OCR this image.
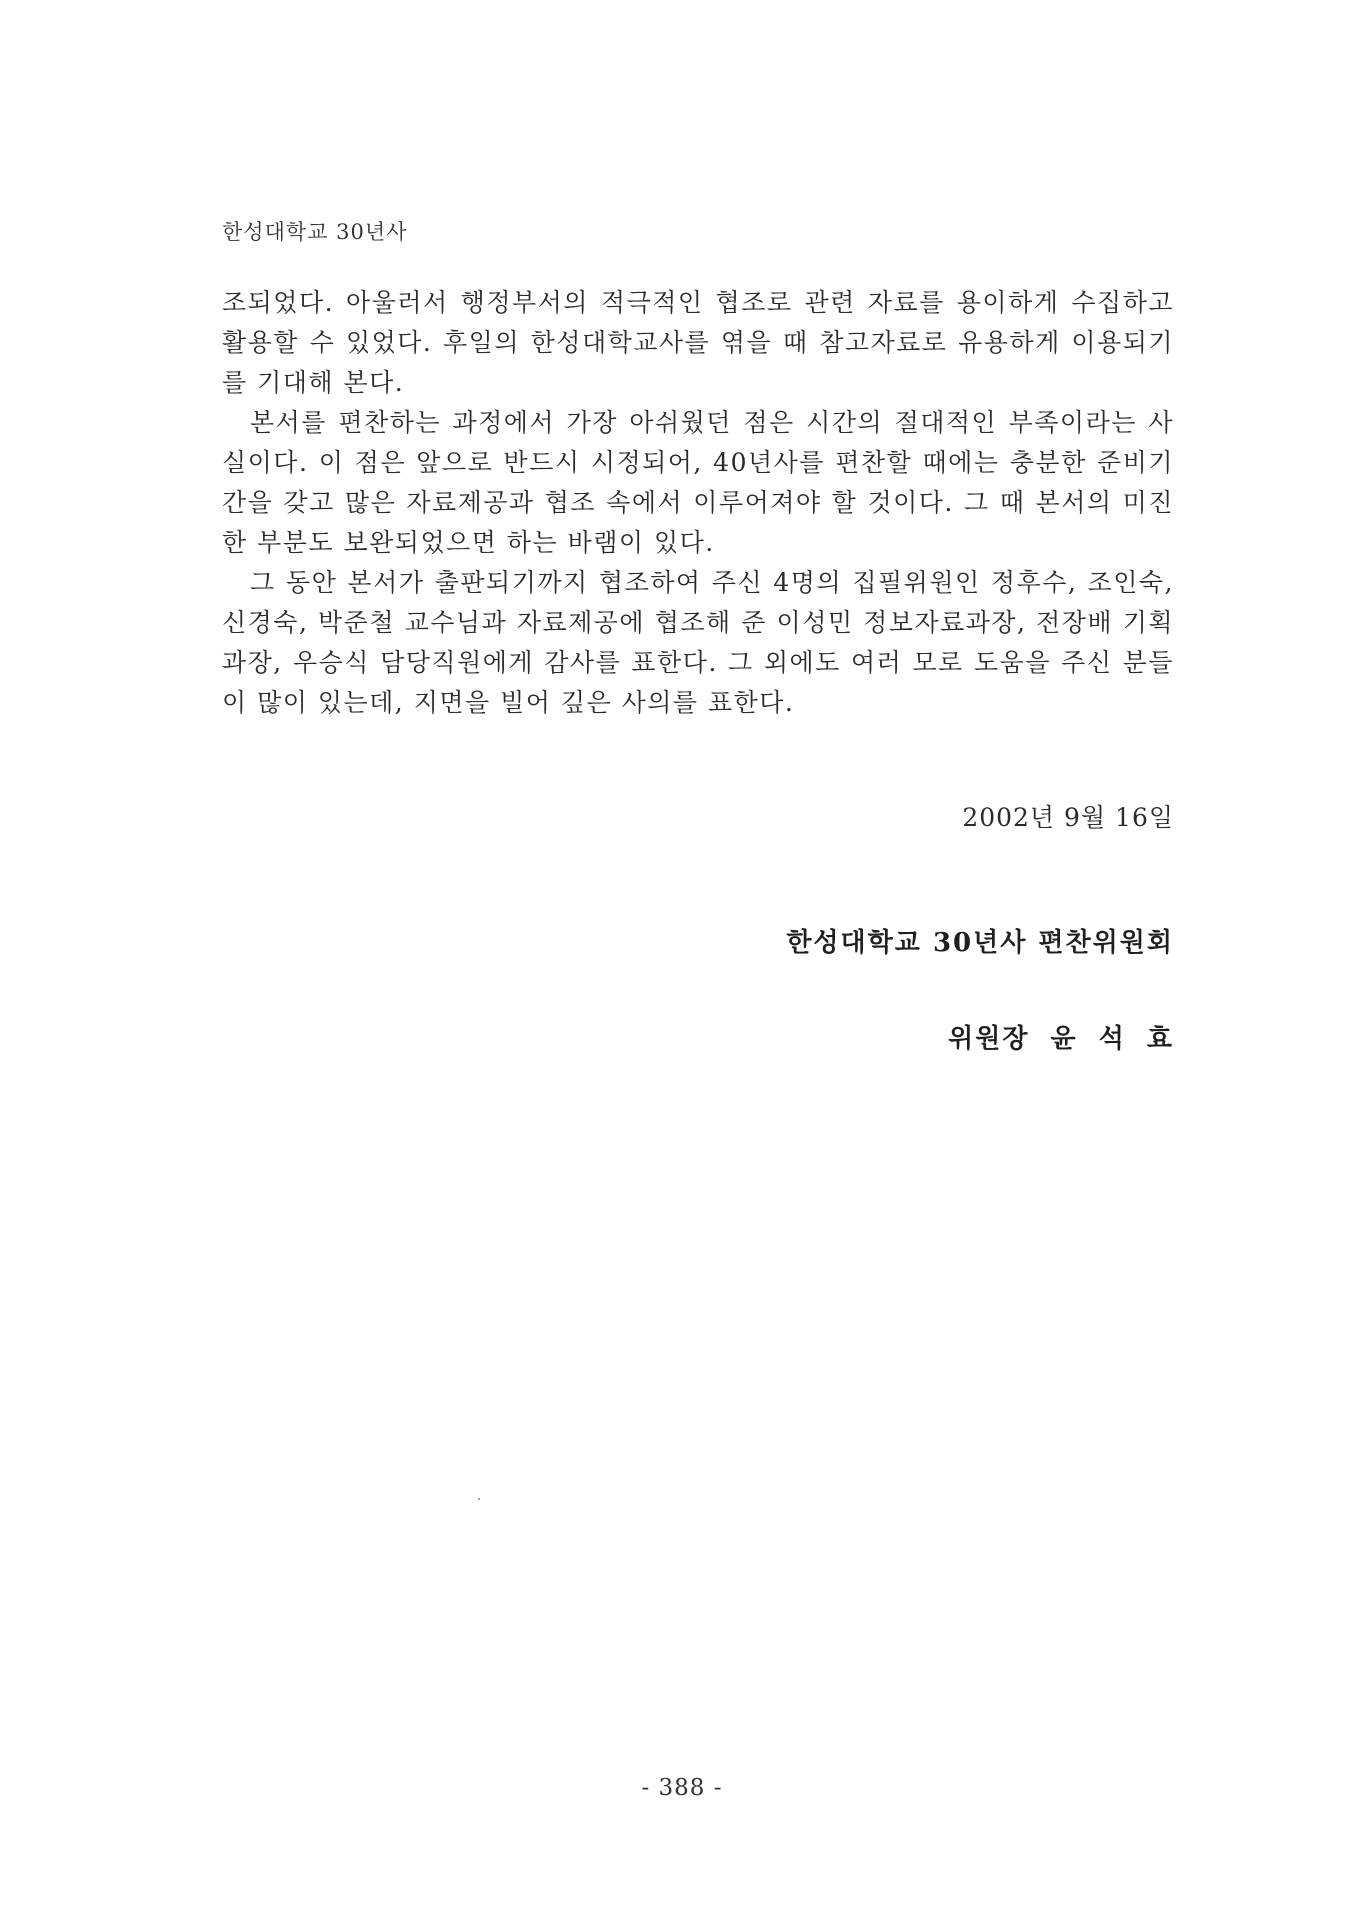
한성대학교 30년사

조되었다. 아울러서 행정부서의 적극적인 협조로 관련 자료를 용이하게 수집하고 활용할 수 있었다. 후일의 한성대학교사를 엮을 때 참고자료로 유용하게 이용되기를 기대해 본다.

본서를 편찬하는 과정에서 가장 아쉬웠던 점은 시간의 절대적인 부족이라는 사실이다. 이 점은 앞으로 반드시 시정되어, 40년사를 편찬할 때에는 충분한 준비기간을 갖고 많은 자료제공과 협조 속에서 이루어져야 할 것이다. 그 때 본서의 미진한 부분도 보완되었으면 하는 바램이 있다.

그 동안 본서가 출판되기까지 협조하여 주신 4명의 집필위원인 정후수, 조인숙, 신경숙, 박준철 교수님과 자료제공에 협조해 준 이성민 정보자료과장, 전장배 기획과장, 우승식 담당직원에게 감사를 표한다. 그 외에도 여러 모로 도움을 주신 분들이 많이 있는데, 지면을 빌어 깊은 사의를 표한다.

2002년 9월 16일
한성대학교 30년사 편찬위원회
위원장 윤 석 효
- 388 -
